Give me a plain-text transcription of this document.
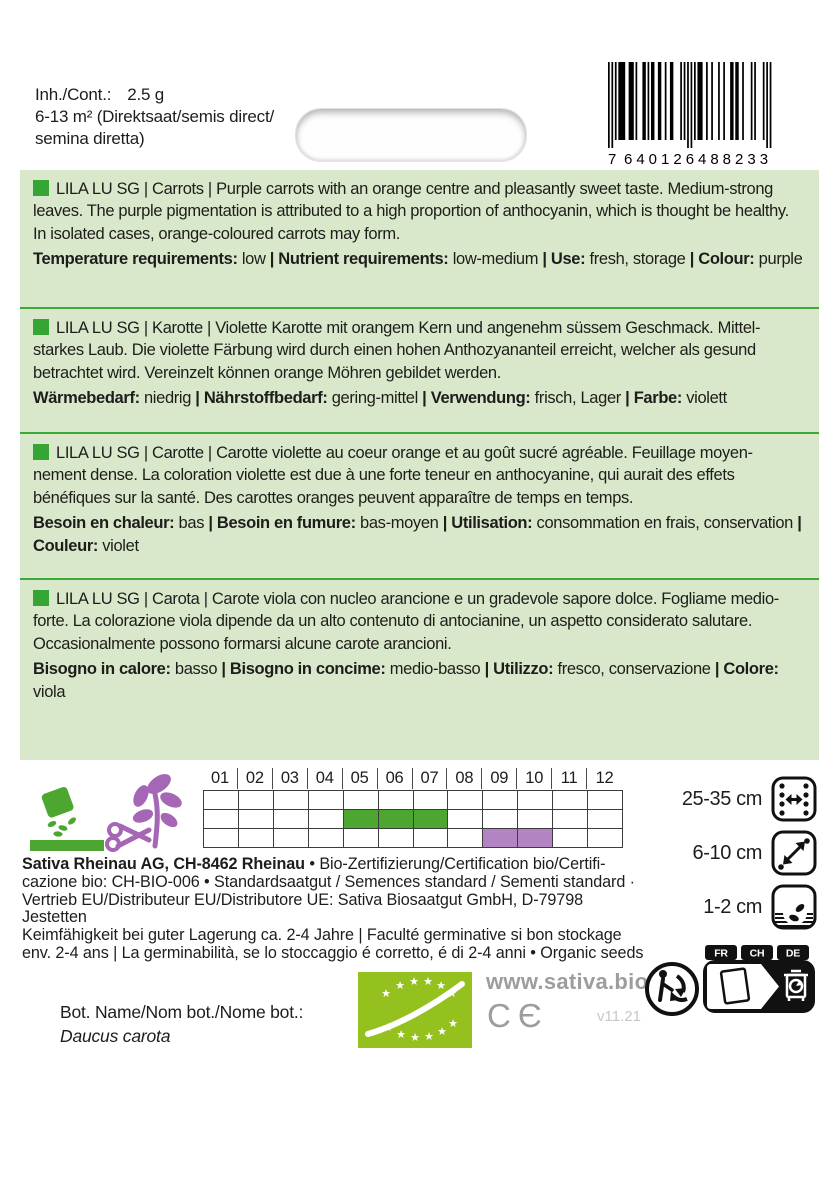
Inh./Cont.: 2.5 g
6-13 m² (Direktsaat/semis direct/
semina diretta)
7 640126 488233

LILA LU SG | Carrots | Purple carrots with an orange centre and pleasantly sweet taste. Medium-strong leaves. The purple pigmentation is attributed to a high proportion of anthocyanin, which is thought be healthy. In isolated cases, orange-coloured carrots may form.

Temperature requirements: low | Nutrient requirements: low-medium | Use: fresh, storage | Colour: purple

LILA LU SG | Karotte | Violette Karotte mit orangem Kern und angenehm süssem Geschmack. Mittel-starkes Laub. Die violette Färbung wird durch einen hohen Anthozyananteil erreicht, welcher als gesund betrachtet wird. Vereinzelt können orange Möhren gebildet werden.

Wärmebedarf: niedrig | Nährstoffbedarf: gering-mittel | Verwendung: frisch, Lager | Farbe: violett

LILA LU SG | Carotte | Carotte violette au coeur orange et au goût sucré agréable. Feuillage moyen-nement dense. La coloration violette est due à une forte teneur en anthocyanine, qui aurait des effets bénéfiques sur la santé. Des carottes oranges peuvent apparaître de temps en temps.

Besoin en chaleur: bas | Besoin en fumure: bas-moyen | Utilisation: consommation en frais, conservation | Couleur: violet

LILA LU SG | Carota | Carote viola con nucleo arancione e un gradevole sapore dolce. Fogliame medio-forte. La colorazione viola dipende da un alto contenuto di antocianine, un aspetto considerato salutare. Occasionalmente possono formarsi alcune carote arancioni.

Bisogno in calore: basso | Bisogno in concime: medio-basso | Utilizzo: fresco, conservazione | Colore: viola

01	02	03	04	05	06	07	08	09	10	11	12
25-35 cm
6-10 cm
1-2 cm
Sativa Rheinau AG, CH-8462 Rheinau • Bio-Zertifizierung/Certification bio/Certifi-
cazione bio: CH-BIO-006 • Standardsaatgut / Semences standard / Sementi standard ·
Vertrieb EU/Distributeur EU/Distributore UE: Sativa Biosaatgut GmbH, D-79798 Jestetten
Keimfähigkeit bei guter Lagerung ca. 2-4 Jahre | Faculté germinative si bon stockage
env. 2-4 ans | La germinabilità, se lo stoccaggio é corretto, é di 2-4 anni • Organic seeds
Bot. Name/Nom bot./Nome bot.:
Daucus carota
★
★ ★ ★ ★
★
★
★ ★ ★ ★
★
www.sativa.bio
CЄ	v11.21
FR CH DE
